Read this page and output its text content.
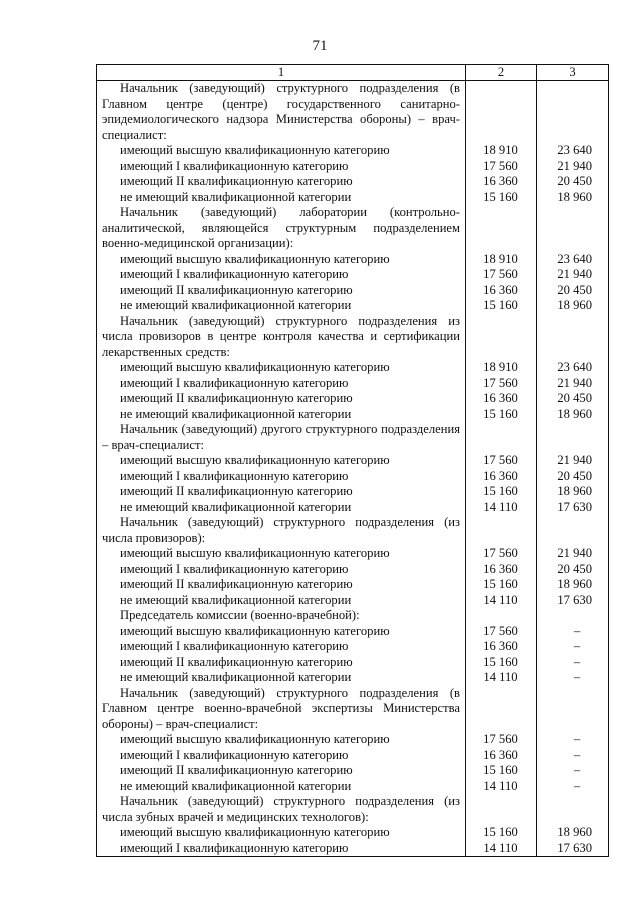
71
1	2	3
Начальник (заведующий) структурного подразделения (в Главном центре (центре) государственного санитарно-эпидемиологического надзора Министерства обороны) – врач-специалист:		
имеющий высшую квалификационную категорию	18 910	23 640
имеющий I квалификационную категорию	17 560	21 940
имеющий II квалификационную категорию	16 360	20 450
не имеющий квалификационной категории	15 160	18 960
Начальник (заведующий) лаборатории (контрольно-аналитической, являющейся структурным подразделением военно-медицинской организации):		
имеющий высшую квалификационную категорию	18 910	23 640
имеющий I квалификационную категорию	17 560	21 940
имеющий II квалификационную категорию	16 360	20 450
не имеющий квалификационной категории	15 160	18 960
Начальник (заведующий) структурного подразделения из числа провизоров в центре контроля качества и сертификации лекарственных средств:		
имеющий высшую квалификационную категорию	18 910	23 640
имеющий I квалификационную категорию	17 560	21 940
имеющий II квалификационную категорию	16 360	20 450
не имеющий квалификационной категории	15 160	18 960
Начальник (заведующий) другого структурного подразделения – врач-специалист:		
имеющий высшую квалификационную категорию	17 560	21 940
имеющий I квалификационную категорию	16 360	20 450
имеющий II квалификационную категорию	15 160	18 960
не имеющий квалификационной категории	14 110	17 630
Начальник (заведующий) структурного подразделения (из числа провизоров):		
имеющий высшую квалификационную категорию	17 560	21 940
имеющий I квалификационную категорию	16 360	20 450
имеющий II квалификационную категорию	15 160	18 960
не имеющий квалификационной категории	14 110	17 630
Председатель комиссии (военно-врачебной):		
имеющий высшую квалификационную категорию	17 560	–
имеющий I квалификационную категорию	16 360	–
имеющий II квалификационную категорию	15 160	–
не имеющий квалификационной категории	14 110	–
Начальник (заведующий) структурного подразделения (в Главном центре военно-врачебной экспертизы Министерства обороны) – врач-специалист:		
имеющий высшую квалификационную категорию	17 560	–
имеющий I квалификационную категорию	16 360	–
имеющий II квалификационную категорию	15 160	–
не имеющий квалификационной категории	14 110	–
Начальник (заведующий) структурного подразделения (из числа зубных врачей и медицинских технологов):		
имеющий высшую квалификационную категорию	15 160	18 960
имеющий I квалификационную категорию	14 110	17 630
